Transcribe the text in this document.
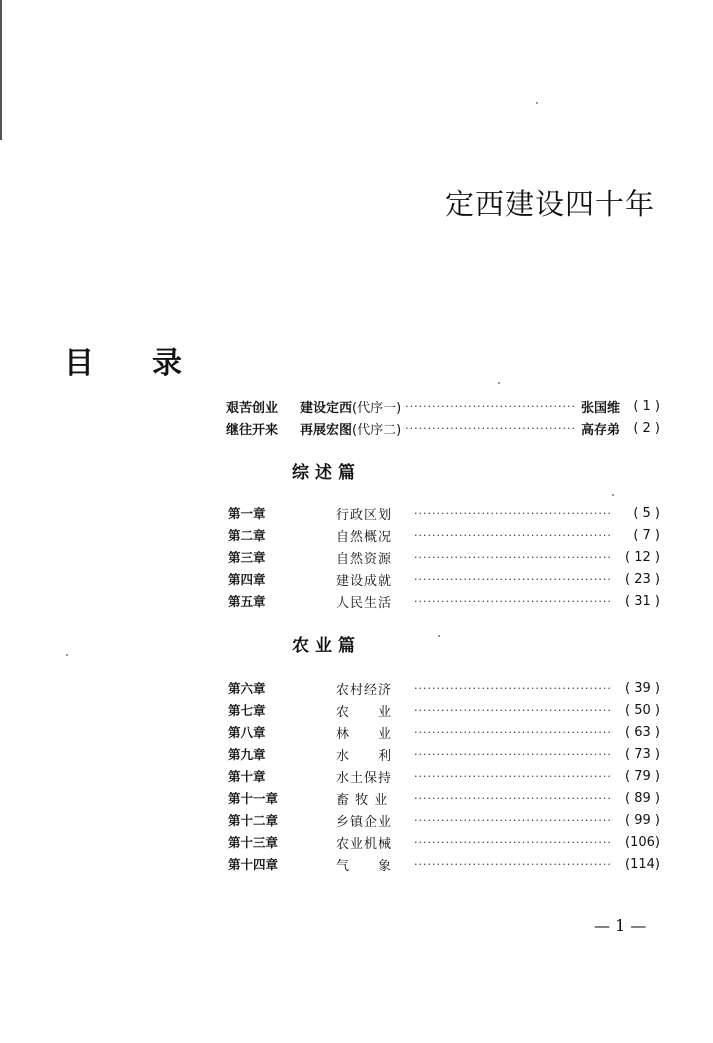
定西建设四十年
目 录
艰苦创业	建设定西(代序一) ·····	张国维	( 1 )
继往开来	再展宏图(代序二) ·····	高存弟	( 2 )
综述篇
第一章	行政区划 ·····	( 5 )
第二章	自然概况 ·····	( 7 )
第三章	自然资源 ·····	( 12 )
第四章	建设成就 ·····	( 23 )
第五章	人民生活 ·····	( 31 )
农业篇
第六章	农村经济 ·····	( 39 )
第七章	农　　业 ·····	( 50 )
第八章	林　　业 ·····	( 63 )
第九章	水　　利 ·····	( 73 )
第十章	水土保持 ·····	( 79 )
第十一章	畜 牧 业 ·····	( 89 )
第十二章	乡镇企业 ·····	( 99 )
第十三章	农业机械 ·····	(106)
第十四章	气　　象 ·····	(114)
— 1 —
